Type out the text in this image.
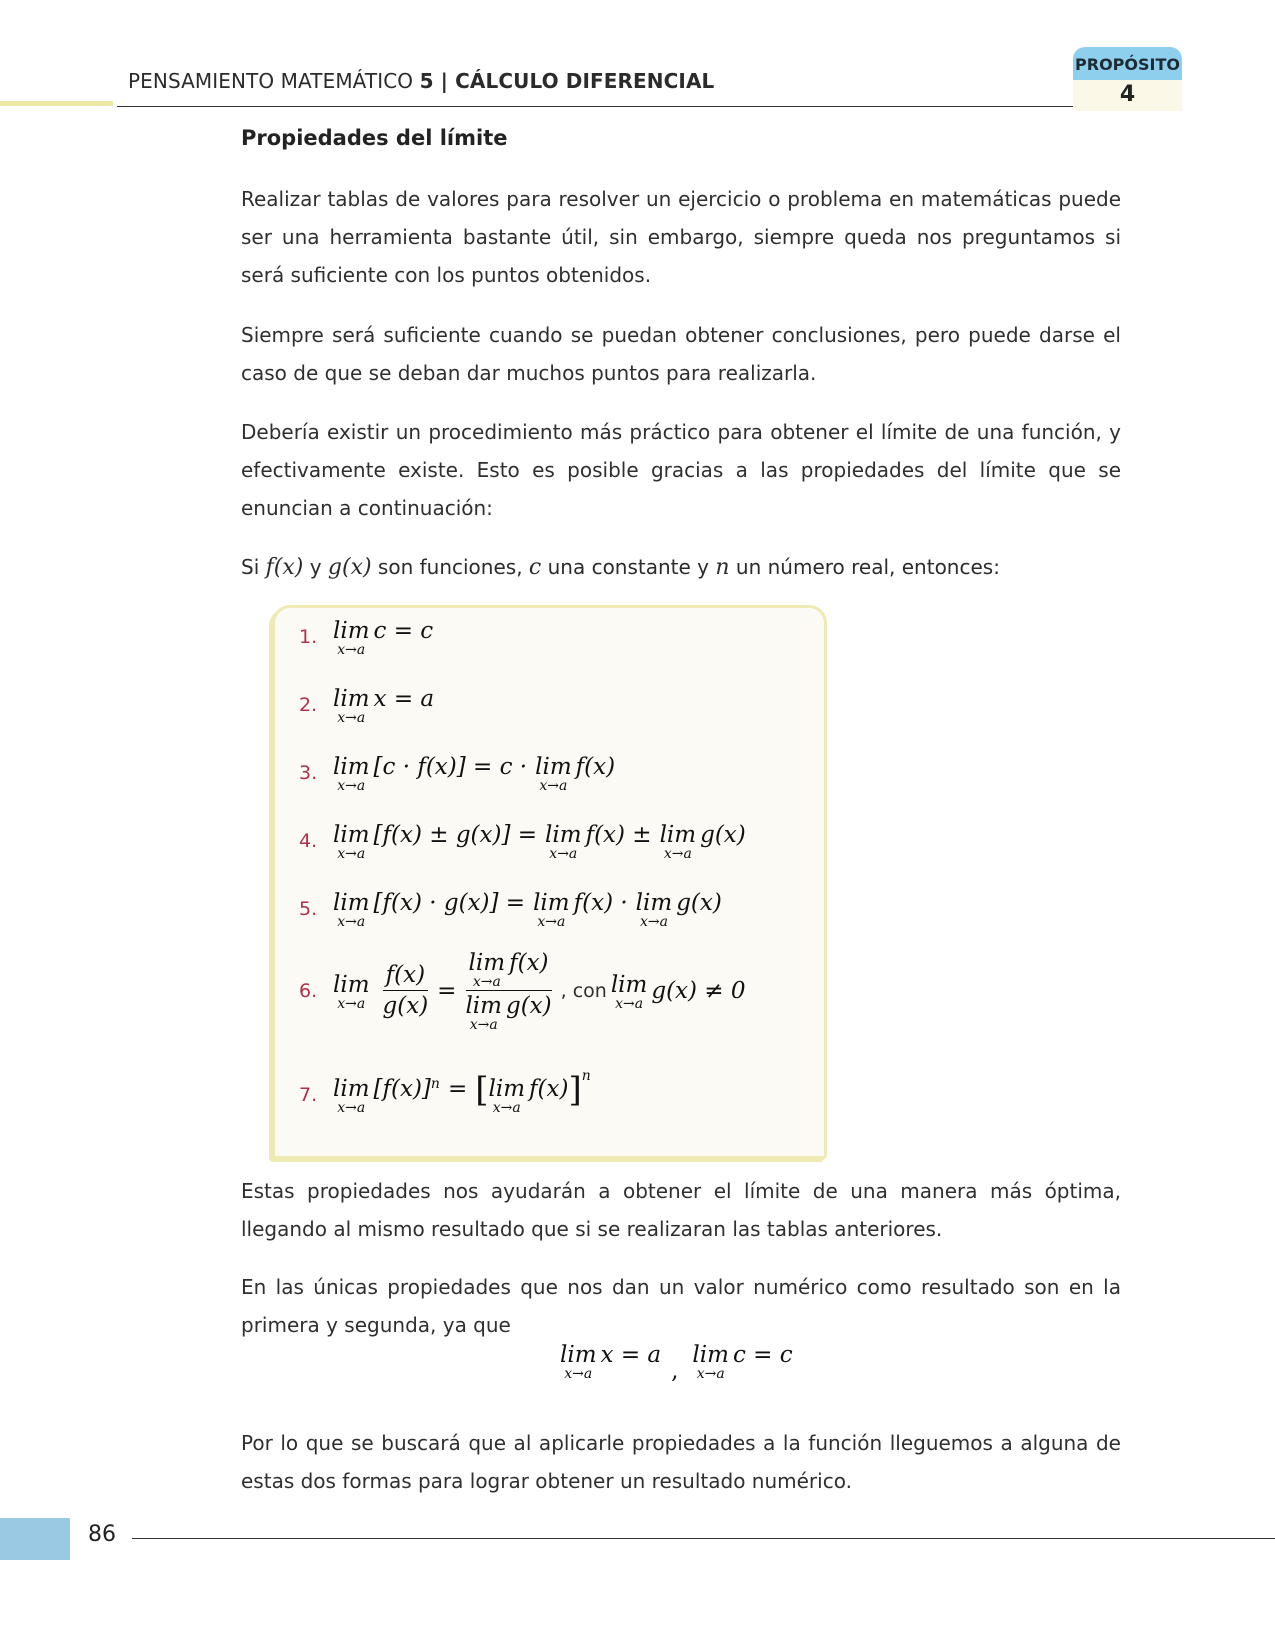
PENSAMIENTO MATEMÁTICO 5 | CÁLCULO DIFERENCIAL
PROPÓSITO
4
Propiedades del límite

Realizar tablas de valores para resolver un ejercicio o problema en matemáticas puede ser una herramienta bastante útil, sin embargo, siempre queda nos preguntamos si será suficiente con los puntos obtenidos.

Siempre será suficiente cuando se puedan obtener conclusiones, pero puede darse el caso de que se deban dar muchos puntos para realizarla.

Debería existir un procedimiento más práctico para obtener el límite de una función, y efectivamente existe. Esto es posible gracias a las propiedades del límite que se enuncian a continuación:

Si f(x) y g(x) son funciones, c una constante y n un número real, entonces:
1. lim
x→a
c = c
2. lim
x→a
x = a
3. lim
x→a
[c · f(x)] = c · lim
x→a
f(x)
4. lim
x→a
[f(x) ± g(x)] = lim
x→a
f(x) ± lim
x→a
g(x)
5. lim
x→a
[f(x) · g(x)] = lim
x→a
f(x) · lim
x→a
g(x)
6. lim
$x\to a \frac{f(x)}{g(x)} = \lim$
x→a
f(x)
lim
x→a
g(x) , con lim
x→a g(x) ≠ 0
7. lim
x→a
$[f(x)]^n$ = [ lim
x→a
f(x) ]$^n$

Estas propiedades nos ayudarán a obtener el límite de una manera más óptima, llegando al mismo resultado que si se realizaran las tablas anteriores.

En las únicas propiedades que nos dan un valor numérico como resultado son en la primera y segunda, ya que

lim
x→a
x = a
,
lim
x→a
c = c

Por lo que se buscará que al aplicarle propiedades a la función lleguemos a alguna de estas dos formas para lograr obtener un resultado numérico.

86
